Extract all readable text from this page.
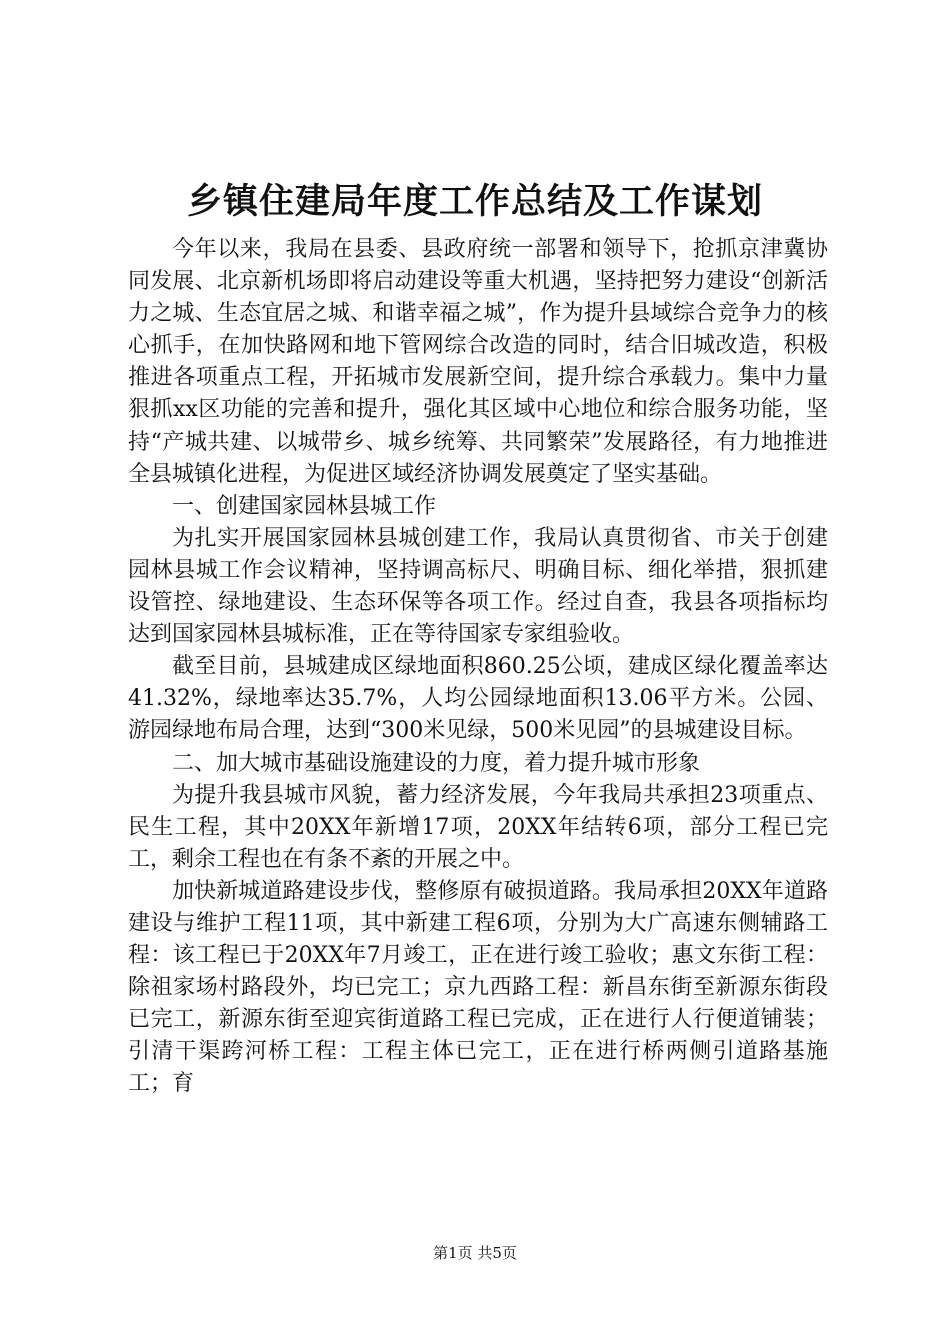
乡镇住建局年度工作总结及工作谋划

今年以来，我局在县委、县政府统一部署和领导下，抢抓京津冀协同发展、北京新机场即将启动建设等重大机遇，坚持把努力建设“创新活力之城、生态宜居之城、和谐幸福之城”，作为提升县域综合竞争力的核心抓手，在加快路网和地下管网综合改造的同时，结合旧城改造，积极推进各项重点工程，开拓城市发展新空间，提升综合承载力。集中力量狠抓xx区功能的完善和提升，强化其区域中心地位和综合服务功能，坚持“产城共建、以城带乡、城乡统筹、共同繁荣”发展路径，有力地推进全县城镇化进程，为促进区域经济协调发展奠定了坚实基础。

一、创建国家园林县城工作

为扎实开展国家园林县城创建工作，我局认真贯彻省、市关于创建园林县城工作会议精神，坚持调高标尺、明确目标、细化举措，狠抓建设管控、绿地建设、生态环保等各项工作。经过自查，我县各项指标均达到国家园林县城标准，正在等待国家专家组验收。

截至目前，县城建成区绿地面积860.25公顷，建成区绿化覆盖率达41.32%，绿地率达35.7%，人均公园绿地面积13.06平方米。公园、游园绿地布局合理，达到“300米见绿，500米见园”的县城建设目标。

二、加大城市基础设施建设的力度，着力提升城市形象

为提升我县城市风貌，蓄力经济发展，今年我局共承担23项重点、民生工程，其中20XX年新增17项，20XX年结转6项，部分工程已完工，剩余工程也在有条不紊的开展之中。

加快新城道路建设步伐，整修原有破损道路。我局承担20XX年道路建设与维护工程11项，其中新建工程6项，分别为大广高速东侧辅路工程：该工程已于20XX年7月竣工，正在进行竣工验收；惠文东街工程：除祖家场村路段外，均已完工；京九西路工程：新昌东街至新源东街段已完工，新源东街至迎宾街道路工程已完成，正在进行人行便道铺装；引清干渠跨河桥工程：工程主体已完工，正在进行桥两侧引道路基施工；育

第1页 共5页
